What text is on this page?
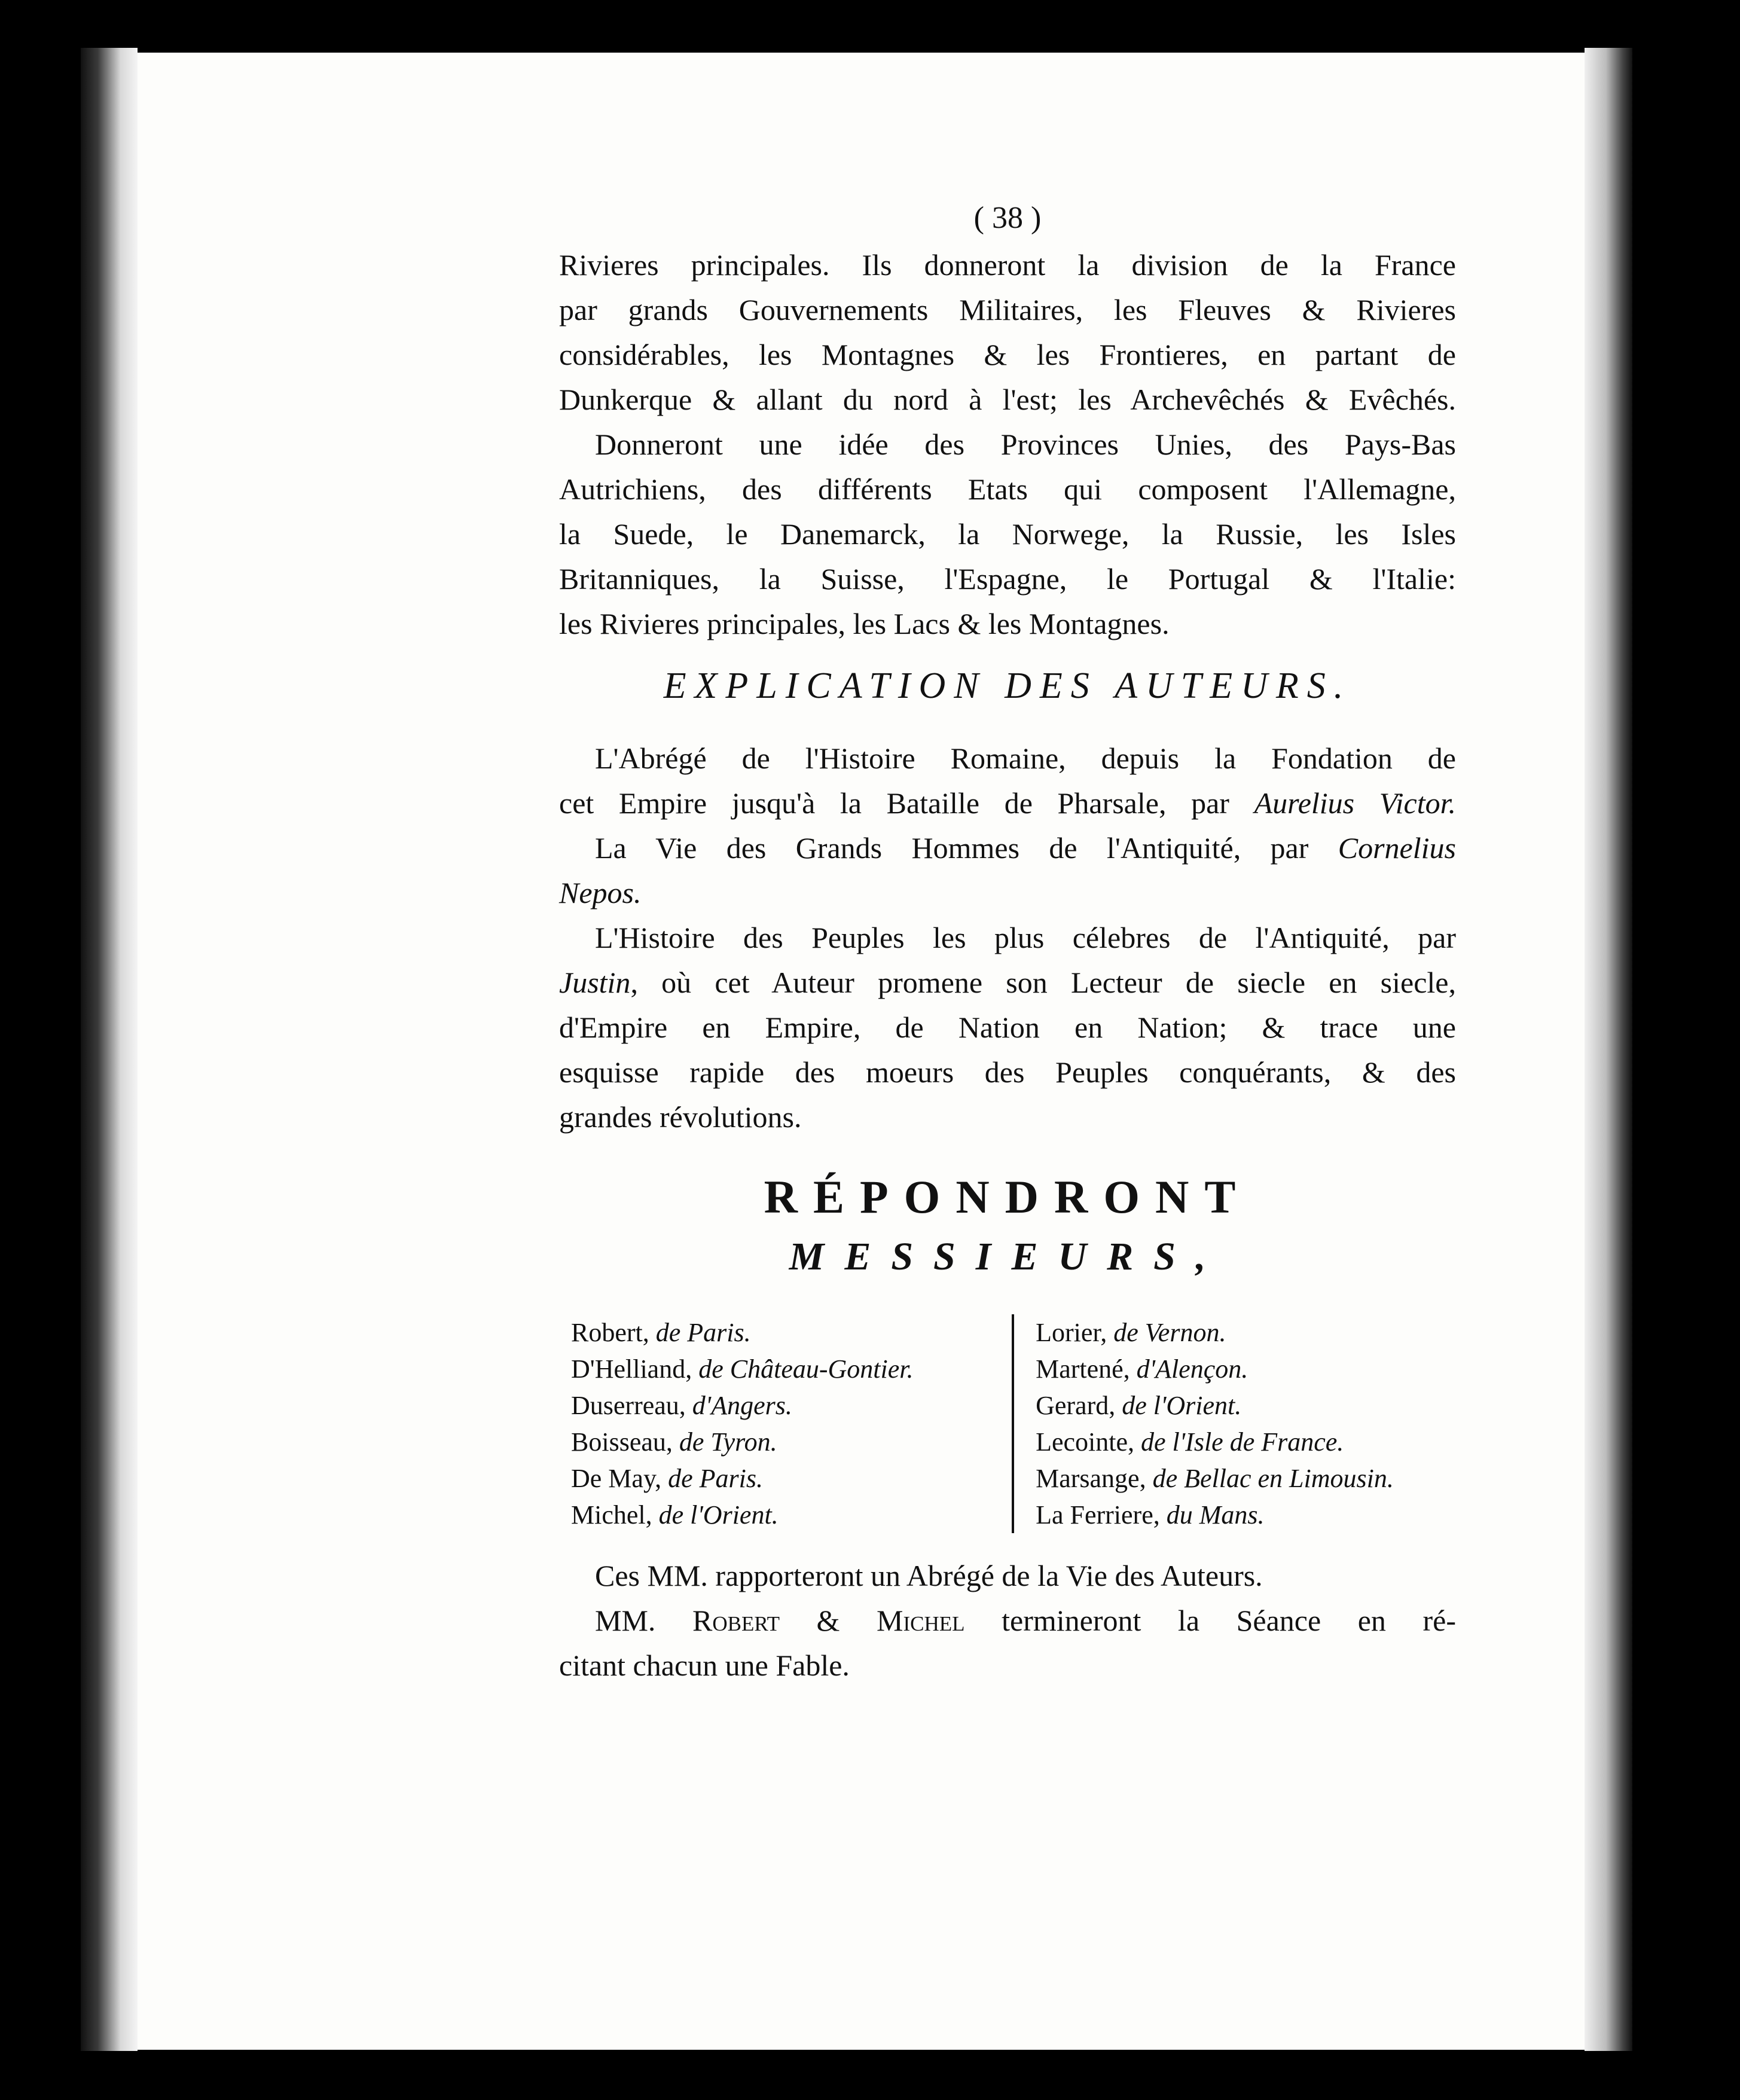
( 38 )
Rivieres principales. Ils donneront la division de la France
par grands Gouvernements Militaires, les Fleuves & Rivieres
considérables, les Montagnes & les Frontieres, en partant de
Dunkerque & allant du nord à l'est; les Archevêchés & Evêchés.
Donneront une idée des Provinces Unies, des Pays-Bas
Autrichiens, des différents Etats qui composent l'Allemagne,
la Suede, le Danemarck, la Norwege, la Russie, les Isles
Britanniques, la Suisse, l'Espagne, le Portugal & l'Italie:
les Rivieres principales, les Lacs & les Montagnes.
EXPLICATION DES AUTEURS.
L'Abrégé de l'Histoire Romaine, depuis la Fondation de
cet Empire jusqu'à la Bataille de Pharsale, par Aurelius Victor.
La Vie des Grands Hommes de l'Antiquité, par Cornelius
Nepos.
L'Histoire des Peuples les plus célebres de l'Antiquité, par
Justin, où cet Auteur promene son Lecteur de siecle en siecle,
d'Empire en Empire, de Nation en Nation; & trace une
esquisse rapide des moeurs des Peuples conquérants, & des
grandes révolutions.
RÉPONDRONT
MESSIEURS,
Robert, de Paris.
D'Helliand, de Château-Gontier.
Duserreau, d'Angers.
Boisseau, de Tyron.
De May, de Paris.
Michel, de l'Orient.
Lorier, de Vernon.
Martené, d'Alençon.
Gerard, de l'Orient.
Lecointe, de l'Isle de France.
Marsange, de Bellac en Limousin.
La Ferriere, du Mans.
Ces MM. rapporteront un Abrégé de la Vie des Auteurs.
MM. Robert & Michel termineront la Séance en ré-
citant chacun une Fable.
